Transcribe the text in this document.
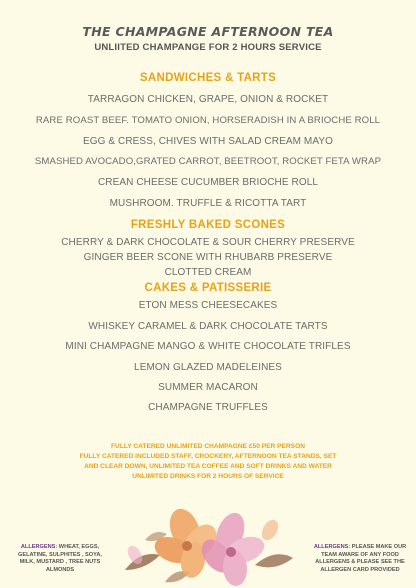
THE CHAMPAGNE AFTERNOON TEA
UNLIITED CHAMPANGE FOR 2 HOURS SERVICE
SANDWICHES & TARTS
TARRAGON CHICKEN, GRAPE, ONION & ROCKET
RARE ROAST BEEF. TOMATO ONION, HORSERADISH IN A BRIOCHE ROLL
EGG & CRESS, CHIVES WITH SALAD CREAM MAYO
SMASHED AVOCADO,GRATED CARROT, BEETROOT, ROCKET FETA WRAP
CREAN CHEESE CUCUMBER BRIOCHE ROLL
MUSHROOM. TRUFFLE & RICOTTA TART
FRESHLY BAKED SCONES
CHERRY & DARK CHOCOLATE & SOUR CHERRY PRESERVE
GINGER BEER SCONE WITH RHUBARB PRESERVE
CLOTTED CREAM
CAKES & PATISSERIE
ETON MESS CHEESECAKES
WHISKEY CARAMEL & DARK CHOCOLATE TARTS
MINI CHAMPAGNE MANGO & WHITE CHOCOLATE TRIFLES
LEMON GLAZED MADELEINES
SUMMER MACARON
CHAMPAGNE TRUFFLES
FULLY CATERED UNLIMITED CHAMPAGNE £50 PER PERSON
FULLY CATERED INCLUDED STAFF, CROCKERY, AFTERNOON TEA STANDS, SET
AND CLEAR DOWN, UNLIMITED TEA COFFEE AND SOFT DRINKS AND WATER
UNLIMITED DRINKS FOR 2 HOURS OF SERVICE
ALLERGENS: WHEAT, EGGS, GELATINE, SULPHITES , SOYA, MILK, MUSTARD , TREE NUTS ALMONDS
ALLERGENS: PLEASE MAKE OUR TEAM AWARE OF ANY FOOD ALLERGENS & PLEASE SEE THE ALLERGEN CARD PROVIDED
